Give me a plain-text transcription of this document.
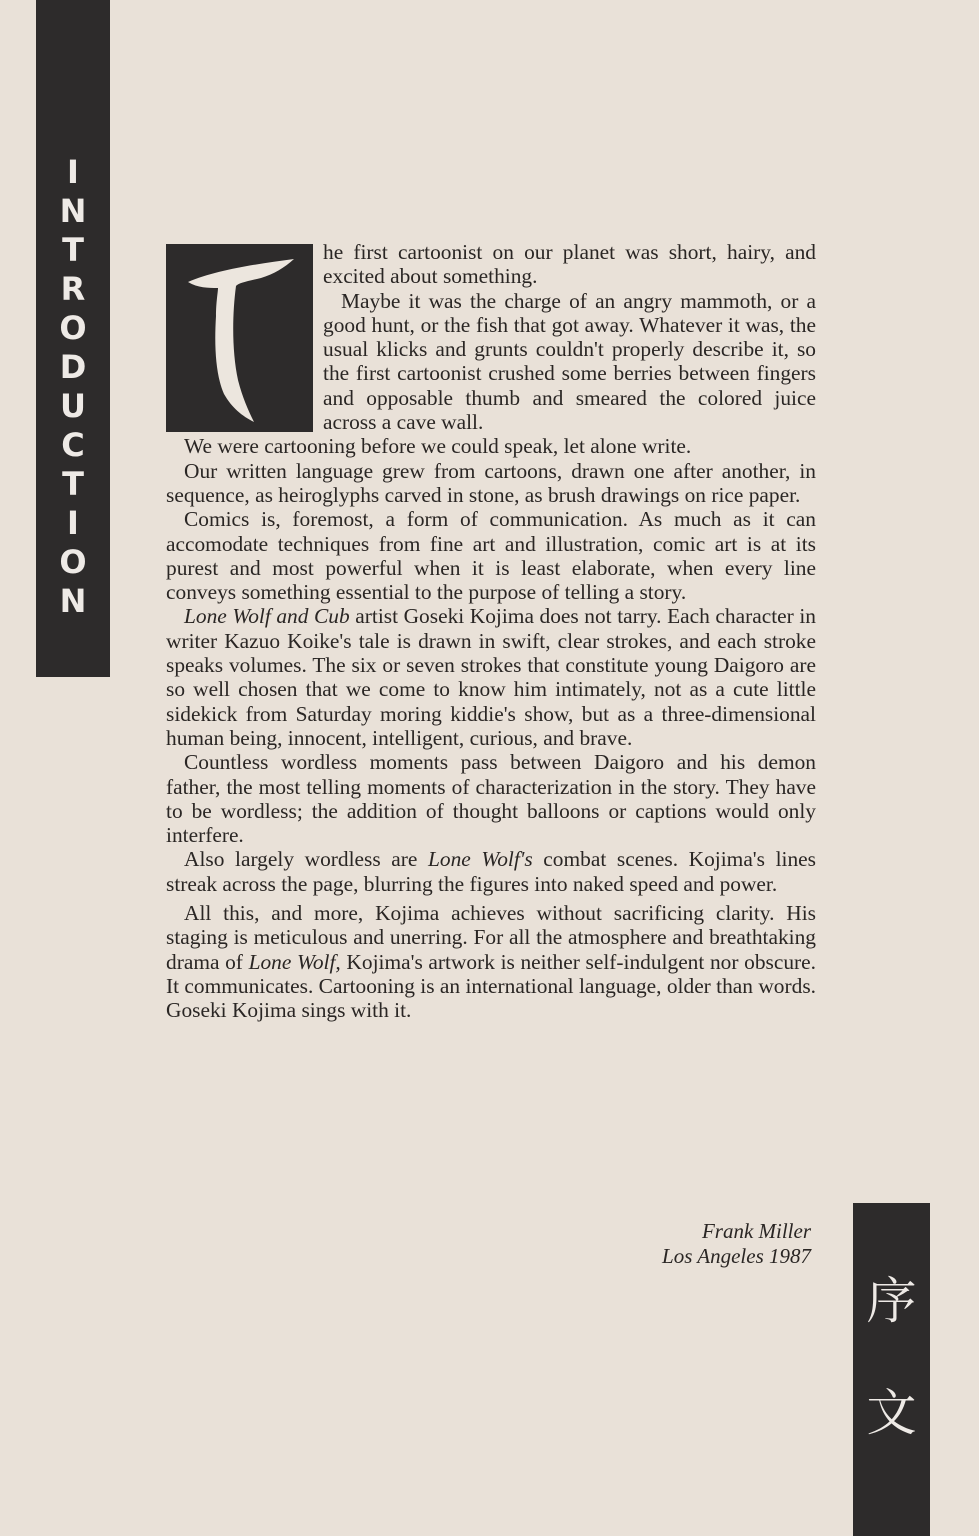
I
N
T
R
O
D
U
C
T
I
O
N
序
文

he first cartoonist on our planet was short, hairy, and excited about something.

Maybe it was the charge of an angry mammoth, or a good hunt, or the fish that got away. Whatever it was, the usual klicks and grunts couldn't properly describe it, so the first cartoonist crushed some berries between fingers and opposable thumb and smeared the colored juice across a cave wall.

We were cartooning before we could speak, let alone write.

Our written language grew from cartoons, drawn one after another, in sequence, as heiroglyphs carved in stone, as brush drawings on rice paper.

Comics is, foremost, a form of communication. As much as it can accomodate techniques from fine art and illustration, comic art is at its purest and most powerful when it is least elaborate, when every line conveys something essential to the purpose of telling a story.

Lone Wolf and Cub artist Goseki Kojima does not tarry. Each character in writer Kazuo Koike's tale is drawn in swift, clear strokes, and each stroke speaks volumes. The six or seven strokes that constitute young Daigoro are so well chosen that we come to know him intimately, not as a cute little sidekick from Saturday moring kiddie's show, but as a three-dimensional human being, innocent, intelligent, curious, and brave.

Countless wordless moments pass between Daigoro and his demon father, the most telling moments of characterization in the story. They have to be wordless; the addition of thought balloons or captions would only interfere.

Also largely wordless are Lone Wolf's combat scenes. Kojima's lines streak across the page, blurring the figures into naked speed and power.

All this, and more, Kojima achieves without sacrificing clarity. His staging is meticulous and unerring. For all the atmosphere and breathtaking drama of Lone Wolf, Kojima's artwork is neither self-indulgent nor obscure. It communicates. Cartooning is an international language, older than words. Goseki Kojima sings with it.

Frank Miller
Los Angeles 1987
